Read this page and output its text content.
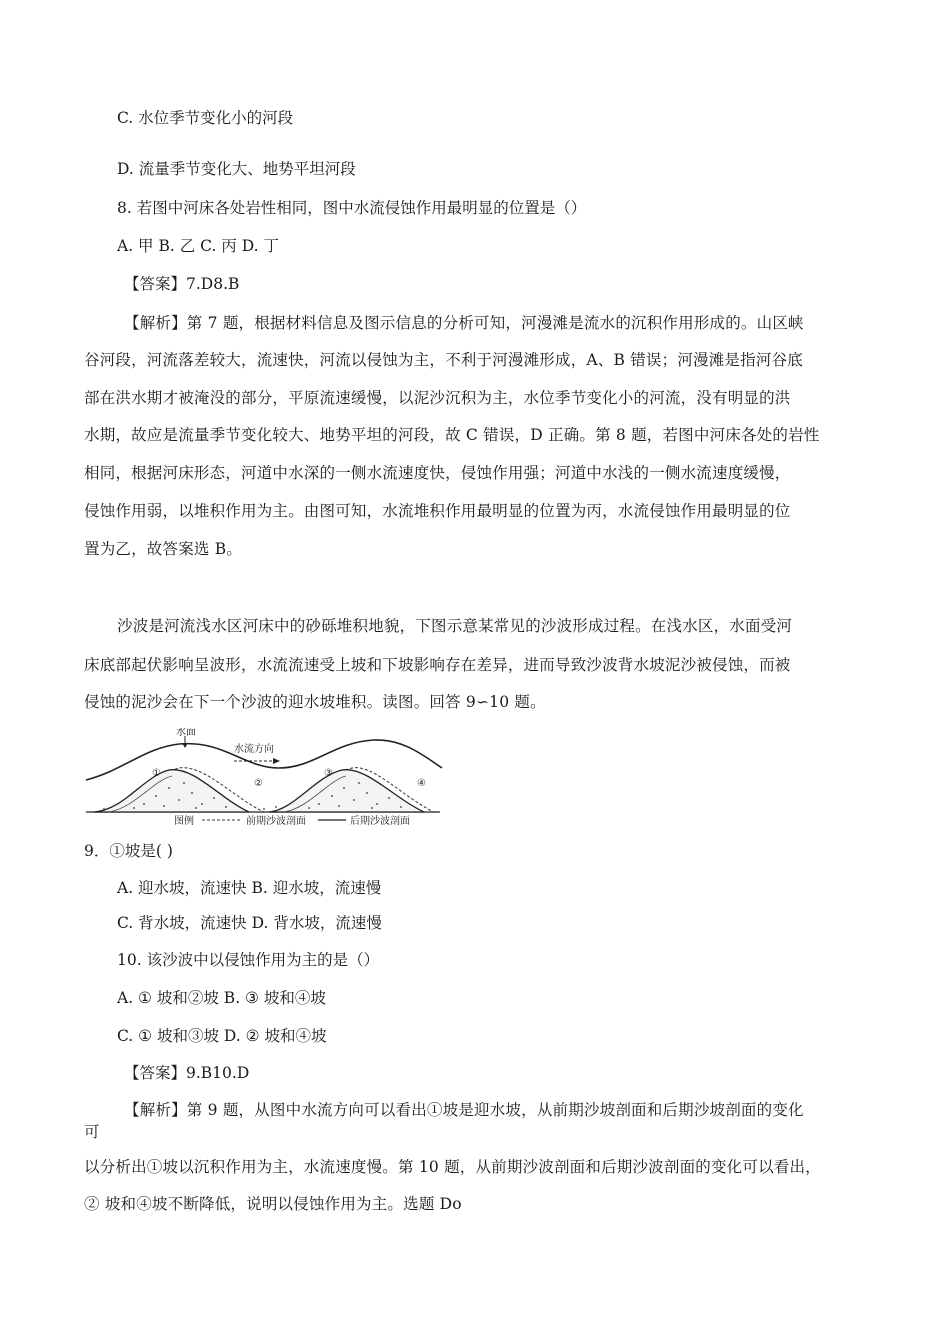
C. 水位季节变化小的河段
D. 流量季节变化大、地势平坦河段
8. 若图中河床各处岩性相同，图中水流侵蚀作用最明显的位置是（）
A. 甲 B. 乙 C. 丙 D. 丁
【答案】7.D8.B
【解析】第 7 题，根据材料信息及图示信息的分析可知，河漫滩是流水的沉积作用形成的。山区峡
谷河段，河流落差较大，流速快，河流以侵蚀为主，不利于河漫滩形成，A、B 错误；河漫滩是指河谷底
部在洪水期才被淹没的部分，平原流速缓慢，以泥沙沉积为主，水位季节变化小的河流，没有明显的洪
水期，故应是流量季节变化较大、地势平坦的河段，故 C 错误，D 正确。第 8 题，若图中河床各处的岩性
相同，根据河床形态，河道中水深的一侧水流速度快，侵蚀作用强；河道中水浅的一侧水流速度缓慢，
侵蚀作用弱，以堆积作用为主。由图可知，水流堆积作用最明显的位置为丙，水流侵蚀作用最明显的位
置为乙，故答案选 B。
沙波是河流浅水区河床中的砂砾堆积地貌，下图示意某常见的沙波形成过程。在浅水区，水面受河
床底部起伏影响呈波形，水流流速受上坡和下坡影响存在差异，进而导致沙波背水坡泥沙被侵蚀，而被
侵蚀的泥沙会在下一个沙波的迎水坡堆积。读图。回答 9∽10 题。
水面
水流方向
①
②
③
④
图例	前期沙波剖面	后期沙波剖面
9．①坡是( )
A. 迎水坡，流速快 B. 迎水坡，流速慢
C. 背水坡，流速快 D. 背水坡，流速慢
10. 该沙波中以侵蚀作用为主的是（）
A. ① 坡和②坡 B. ③ 坡和④坡
C. ① 坡和③坡 D. ② 坡和④坡
【答案】9.B10.D
【解析】第 9 题，从图中水流方向可以看出①坡是迎水坡，从前期沙坡剖面和后期沙坡剖面的变化
可
以分析出①坡以沉积作用为主，水流速度慢。第 10 题，从前期沙波剖面和后期沙波剖面的变化可以看出，
② 坡和④坡不断降低，说明以侵蚀作用为主。选题 Do
